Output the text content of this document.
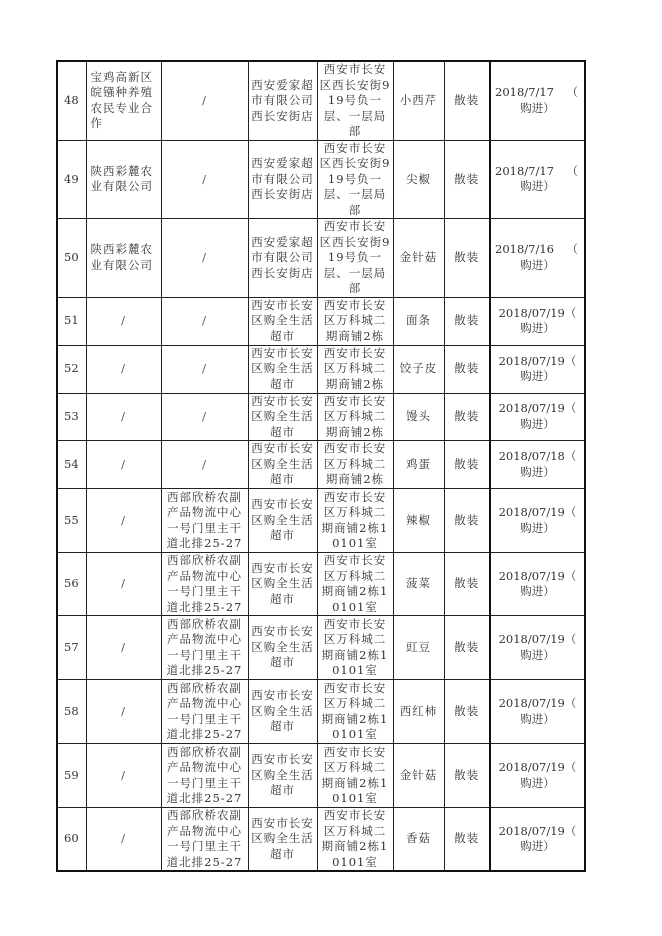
48	宝鸡高新区皖镪种养殖农民专业合作	/	西安爱家超市有限公司西长安街店	西安市长安区西长安街919号负一层、一层局部	小西芹	散装	2018/7/17 （
购进）

49	陕西彩麓农业有限公司	/	西安爱家超市有限公司西长安街店	西安市长安区西长安街919号负一层、一层局部	尖椒	散装	2018/7/17 （
购进）

50	陕西彩麓农业有限公司	/	西安爱家超市有限公司西长安街店	西安市长安区西长安街919号负一层、一层局部	金针菇	散装	2018/7/16 （
购进）

51	/	/	西安市长安区购全生活超市	西安市长安区万科城二期商铺2栋	面条	散装	2018/07/19（
购进）

52	/	/	西安市长安区购全生活超市	西安市长安区万科城二期商铺2栋	饺子皮	散装	2018/07/19（
购进）

53	/	/	西安市长安区购全生活超市	西安市长安区万科城二期商铺2栋	馒头	散装	2018/07/19（
购进）

54	/	/	西安市长安区购全生活超市	西安市长安区万科城二期商铺2栋	鸡蛋	散装	2018/07/18（
购进）

55	/	西部欣桥农副产品物流中心一号门里主干道北排25-27	西安市长安区购全生活超市	西安市长安区万科城二期商铺2栋10101室	辣椒	散装	2018/07/19（
购进）

56	/	西部欣桥农副产品物流中心一号门里主干道北排25-27	西安市长安区购全生活超市	西安市长安区万科城二期商铺2栋10101室	菠菜	散装	2018/07/19（
购进）

57	/	西部欣桥农副产品物流中心一号门里主干道北排25-27	西安市长安区购全生活超市	西安市长安区万科城二期商铺2栋10101室	豇豆	散装	2018/07/19（
购进）

58	/	西部欣桥农副产品物流中心一号门里主干道北排25-27	西安市长安区购全生活超市	西安市长安区万科城二期商铺2栋10101室	西红柿	散装	2018/07/19（
购进）

59	/	西部欣桥农副产品物流中心一号门里主干道北排25-27	西安市长安区购全生活超市	西安市长安区万科城二期商铺2栋10101室	金针菇	散装	2018/07/19（
购进）

60	/	西部欣桥农副产品物流中心一号门里主干道北排25-27	西安市长安区购全生活超市	西安市长安区万科城二期商铺2栋10101室	香菇	散装	2018/07/19（
购进）
